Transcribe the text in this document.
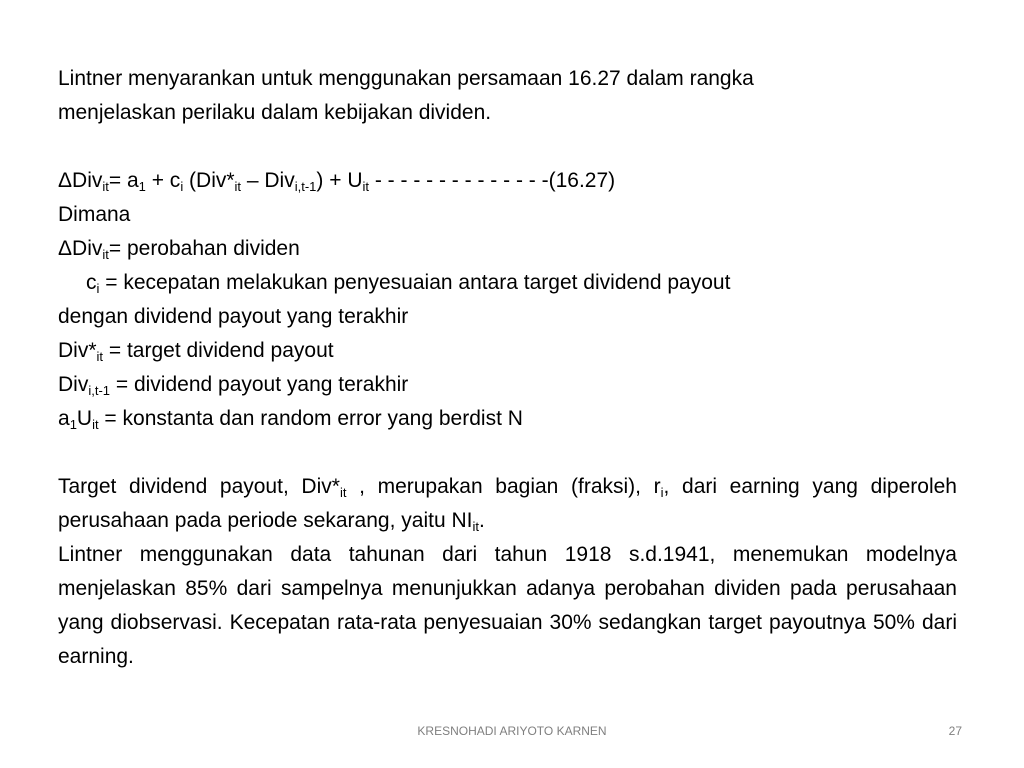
Lintner menyarankan untuk menggunakan persamaan 16.27 dalam rangka

menjelaskan perilaku dalam kebijakan dividen.

$\Delta Div_{it}= a_1 + c_i$ $(Div*_{it} - Div_{i,t-1}) + U_{it}$ - - - - - - - - - - - - - -(16.27)

Dimana

ΔDiv$_{it}$= perobahan dividen

$c_i$ = kecepatan melakukan penyesuaian antara target dividend payout

dengan dividend payout yang terakhir

$Div*_{it}$ = target dividend payout

Div$_{i,t-1}$ = dividend payout yang terakhir

$a_1U_{it}$ = konstanta dan random error yang berdist N

Target dividend payout, $Div*_{it}$ , merupakan bagian (fraksi), $r_i$, dari earning yang diperoleh perusahaan pada periode sekarang, yaitu $NI_{it}$.

Lintner menggunakan data tahunan dari tahun 1918 s.d.1941, menemukan modelnya menjelaskan 85% dari sampelnya menunjukkan adanya perobahan dividen pada perusahaan yang diobservasi. Kecepatan rata-rata penyesuaian 30% sedangkan target payoutnya 50% dari earning.

KRESNOHADI ARIYOTO KARNEN	27
